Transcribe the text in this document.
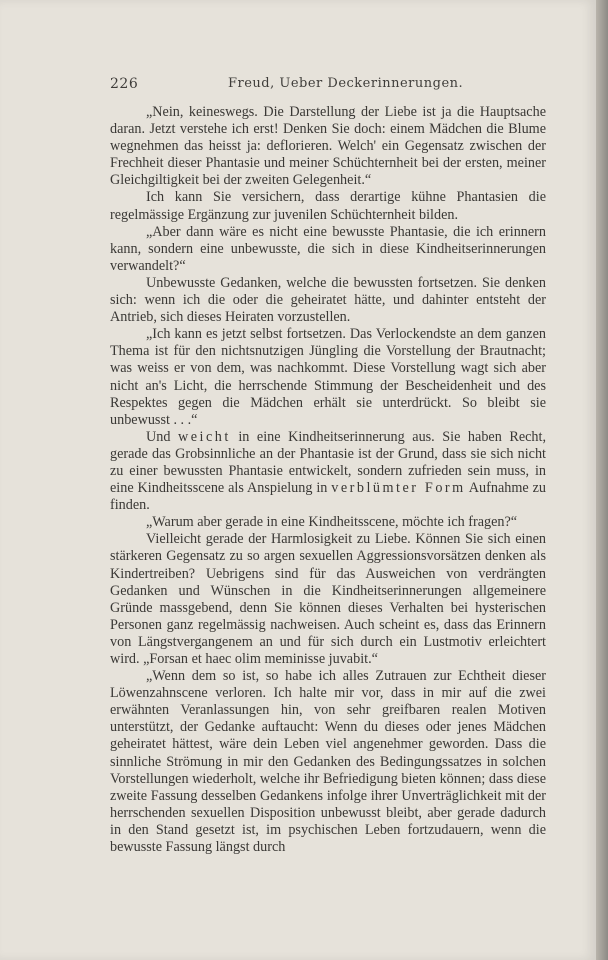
226	Freud, Ueber Deckerinnerungen.

„Nein, keineswegs. Die Darstellung der Liebe ist ja die Hauptsache daran. Jetzt verstehe ich erst! Denken Sie doch: einem Mädchen die Blume wegnehmen das heisst ja: deflorieren. Welch' ein Gegensatz zwischen der Frechheit dieser Phantasie und meiner Schüchternheit bei der ersten, meiner Gleichgiltigkeit bei der zweiten Gelegenheit.“

Ich kann Sie versichern, dass derartige kühne Phantasien die regelmässige Ergänzung zur juvenilen Schüchternheit bilden.

„Aber dann wäre es nicht eine bewusste Phantasie, die ich erinnern kann, sondern eine unbewusste, die sich in diese Kindheitserinnerungen verwandelt?“

Unbewusste Gedanken, welche die bewussten fortsetzen. Sie denken sich: wenn ich die oder die geheiratet hätte, und dahinter entsteht der Antrieb, sich dieses Heiraten vorzustellen.

„Ich kann es jetzt selbst fortsetzen. Das Verlockendste an dem ganzen Thema ist für den nichtsnutzigen Jüngling die Vorstellung der Brautnacht; was weiss er von dem, was nachkommt. Diese Vorstellung wagt sich aber nicht an's Licht, die herrschende Stimmung der Bescheidenheit und des Respektes gegen die Mädchen erhält sie unterdrückt. So bleibt sie unbewusst . . .“

Und weicht in eine Kindheitserinnerung aus. Sie haben Recht, gerade das Grobsinnliche an der Phantasie ist der Grund, dass sie sich nicht zu einer bewussten Phantasie entwickelt, sondern zufrieden sein muss, in eine Kindheitsscene als Anspielung in verblümter Form Aufnahme zu finden.

„Warum aber gerade in eine Kindheitsscene, möchte ich fragen?“

Vielleicht gerade der Harmlosigkeit zu Liebe. Können Sie sich einen stärkeren Gegensatz zu so argen sexuellen Aggressionsvorsätzen denken als Kindertreiben? Uebrigens sind für das Ausweichen von verdrängten Gedanken und Wünschen in die Kindheitserinnerungen allgemeinere Gründe massgebend, denn Sie können dieses Verhalten bei hysterischen Personen ganz regelmässig nachweisen. Auch scheint es, dass das Erinnern von Längstvergangenem an und für sich durch ein Lustmotiv erleichtert wird. „Forsan et haec olim meminisse juvabit.“

„Wenn dem so ist, so habe ich alles Zutrauen zur Echtheit dieser Löwenzahnscene verloren. Ich halte mir vor, dass in mir auf die zwei erwähnten Veranlassungen hin, von sehr greifbaren realen Motiven unterstützt, der Gedanke auftaucht: Wenn du dieses oder jenes Mädchen geheiratet hättest, wäre dein Leben viel angenehmer geworden. Dass die sinnliche Strömung in mir den Gedanken des Bedingungssatzes in solchen Vorstellungen wiederholt, welche ihr Befriedigung bieten können; dass diese zweite Fassung desselben Gedankens infolge ihrer Unverträglichkeit mit der herrschenden sexuellen Disposition unbewusst bleibt, aber gerade dadurch in den Stand gesetzt ist, im psychischen Leben fortzudauern, wenn die bewusste Fassung längst durch
